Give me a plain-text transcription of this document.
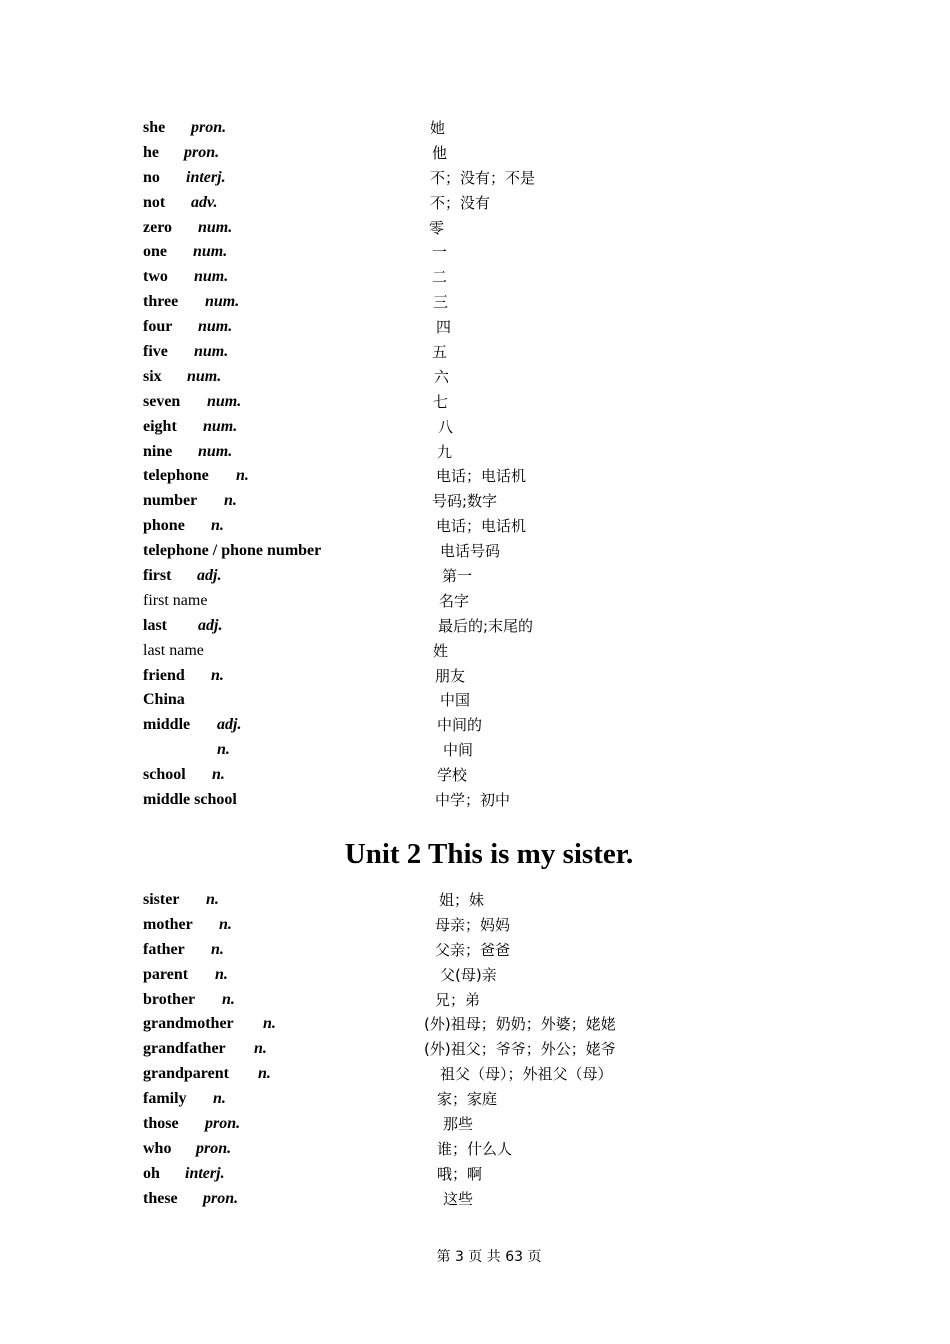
she pron.	她
he pron.	他
no interj.	不；没有；不是
not adv.	不；没有
zero num.	零
one num.	一
two num.	二
three num.	三
four num.	四
five num.	五
six num.	六
seven num.	七
eight num.	八
nine num.	九
telephone n.	电话；电话机
number n.	号码;数字
phone n.	电话；电话机
telephone / phone number	电话号码
first adj.	第一
first name	名字
last adj.	最后的;末尾的
last name	姓
friend n.	朋友
China	中国
middle adj.	中间的
n.	中间
school n.	学校
middle school	中学；初中
Unit 2 This is my sister.
sister n.	姐；妹
mother n.	母亲；妈妈
father n.	父亲；爸爸
parent n.	父(母)亲
brother n.	兄；弟
grandmother n.	(外)祖母；奶奶；外婆；姥姥
grandfather n.	(外)祖父；爷爷；外公；姥爷
grandparent n.	祖父（母）；外祖父（母）
family n.	家；家庭
those pron.	那些
who pron.	谁；什么人
oh interj.	哦；啊
these pron.	这些
第 3 页 共 63 页
